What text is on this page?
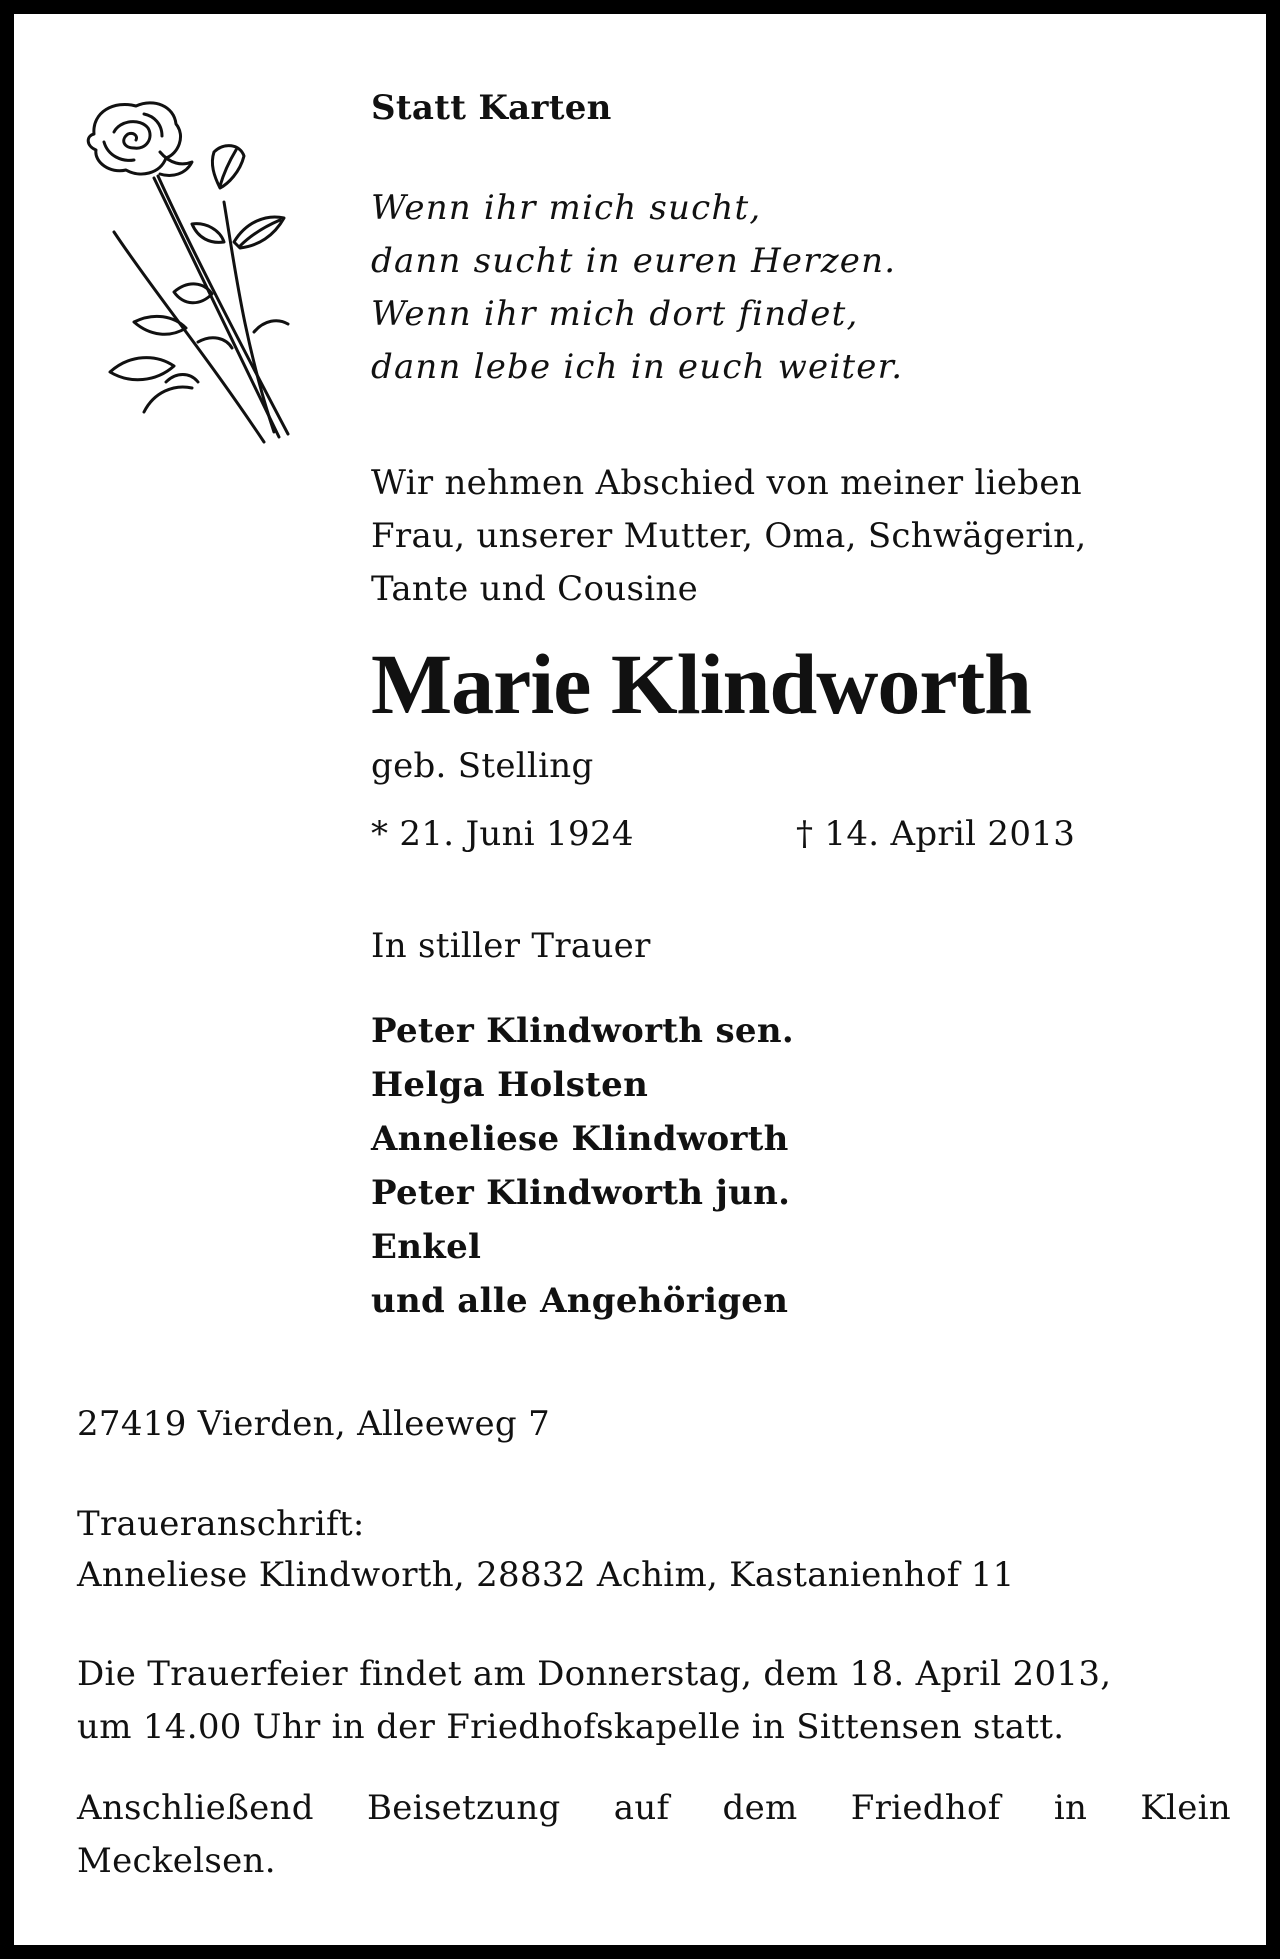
Statt Karten

Wenn ihr mich sucht,
dann sucht in euren Herzen.
Wenn ihr mich dort findet,
dann lebe ich in euch weiter.
Wir nehmen Abschied von meiner lieben
Frau, unserer Mutter, Oma, Schwägerin,
Tante und Cousine

Marie Klindworth

geb. Stelling

* 21. Juni 1924	† 14. April 2013

In stiller Trauer

Peter Klindworth sen.
Helga Holsten
Anneliese Klindworth
Peter Klindworth jun.
Enkel
und alle Angehörigen

27419 Vierden, Alleeweg 7

Traueranschrift:
Anneliese Klindworth, 28832 Achim, Kastanienhof 11
Die Trauerfeier findet am Donnerstag, dem 18. April 2013,
um 14.00 Uhr in der Friedhofskapelle in Sittensen statt.

Anschließend Beisetzung auf dem Friedhof in Klein

Meckelsen.
